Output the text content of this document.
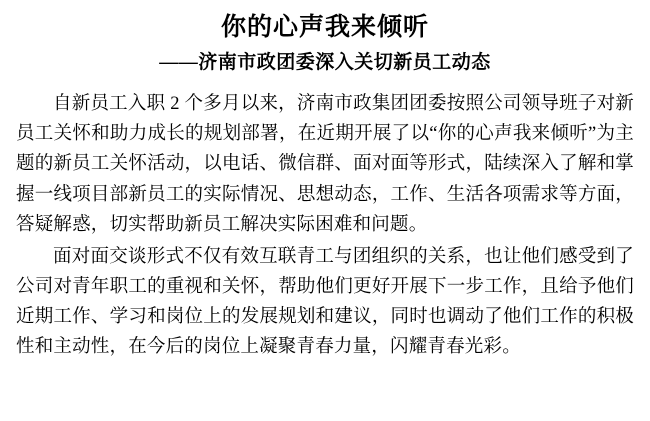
你的心声我来倾听
——济南市政团委深入关切新员工动态

自新员工入职 2 个多月以来，济南市政集团团委按照公司领导班子对新员工关怀和助力成长的规划部署，在近期开展了以“你的心声我来倾听”为主题的新员工关怀活动，以电话、微信群、面对面等形式，陆续深入了解和掌握一线项目部新员工的实际情况、思想动态，工作、生活各项需求等方面，答疑解惑，切实帮助新员工解决实际困难和问题。

面对面交谈形式不仅有效互联青工与团组织的关系，也让他们感受到了公司对青年职工的重视和关怀，帮助他们更好开展下一步工作，且给予他们近期工作、学习和岗位上的发展规划和建议，同时也调动了他们工作的积极性和主动性，在今后的岗位上凝聚青春力量，闪耀青春光彩。
